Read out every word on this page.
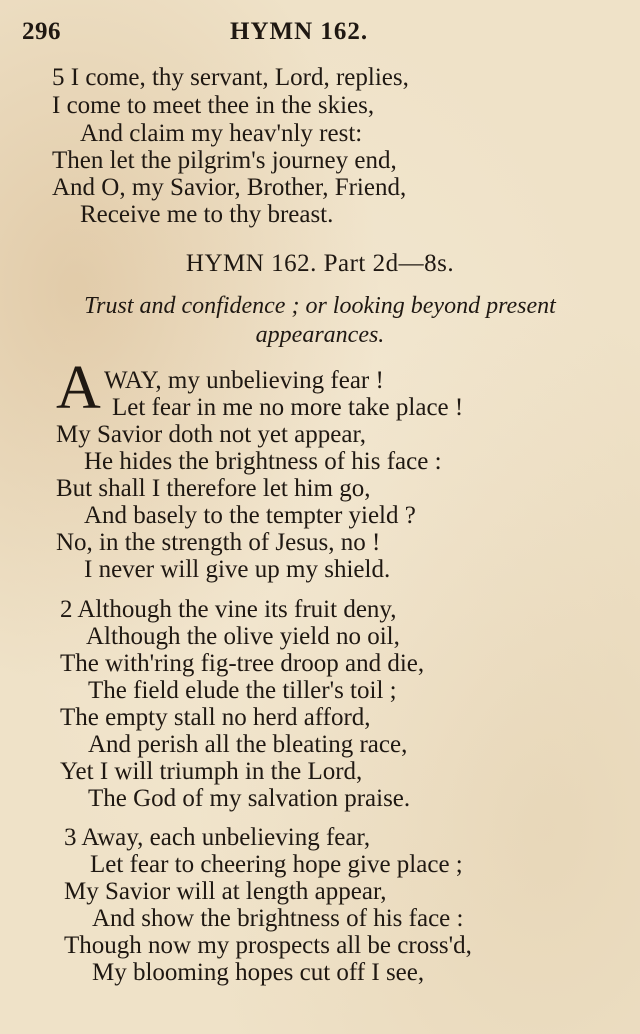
296	HYMN 162.
5 I come, thy servant, Lord, replies,
I come to meet thee in the skies,
And claim my heav'nly rest:
Then let the pilgrim's journey end,
And O, my Savior, Brother, Friend,
Receive me to thy breast.
HYMN 162. Part 2d—8s.
Trust and confidence ; or looking beyond present
appearances.
A WAY, my unbelieving fear !
Let fear in me no more take place !
My Savior doth not yet appear,
He hides the brightness of his face :
But shall I therefore let him go,
And basely to the tempter yield ?
No, in the strength of Jesus, no !
I never will give up my shield.
2 Although the vine its fruit deny,
Although the olive yield no oil,
The with'ring fig-tree droop and die,
The field elude the tiller's toil ;
The empty stall no herd afford,
And perish all the bleating race,
Yet I will triumph in the Lord,
The God of my salvation praise.
3 Away, each unbelieving fear,
Let fear to cheering hope give place ;
My Savior will at length appear,
And show the brightness of his face :
Though now my prospects all be cross'd,
My blooming hopes cut off I see,
